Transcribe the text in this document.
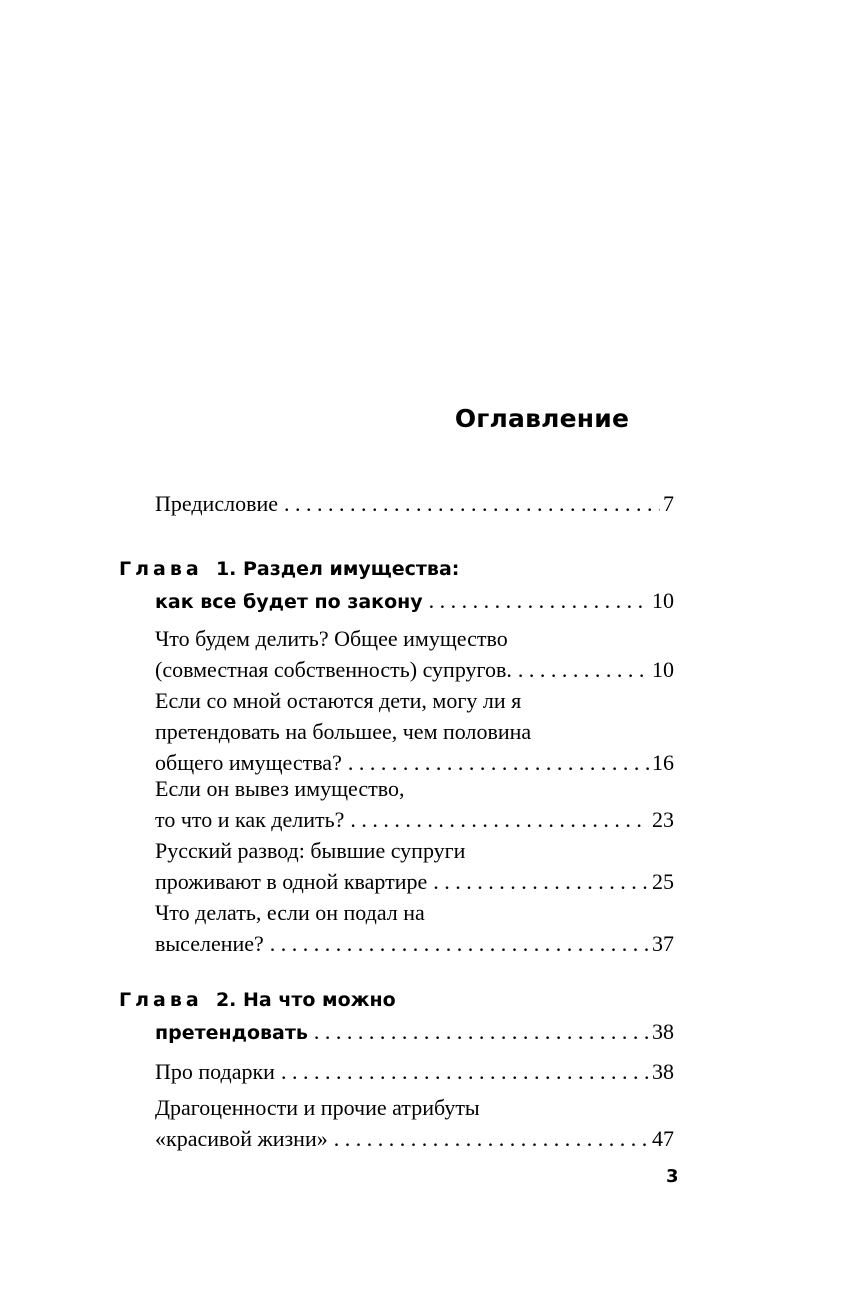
Оглавление
Предисловие . . .	7
Глава
1. Раздел имущества:
как все будет по закону . . .	10
Что будем делить? Общее имущество
(совместная собственность) супругов. . . .	10
Если со мной остаются дети, могу ли я
претендовать на большее, чем половина
общего имущества? . . .	16
Если он вывез имущество,
то что и как делить? . . .	23
Русский развод: бывшие супруги
проживают в одной квартире . . .	25
Что делать, если он подал на
выселение? . . .	37
Глава
2. На что можно
претендовать . . .	38
Про подарки . . .	38
Драгоценности и прочие атрибуты
«красивой жизни» . . .	47
3
